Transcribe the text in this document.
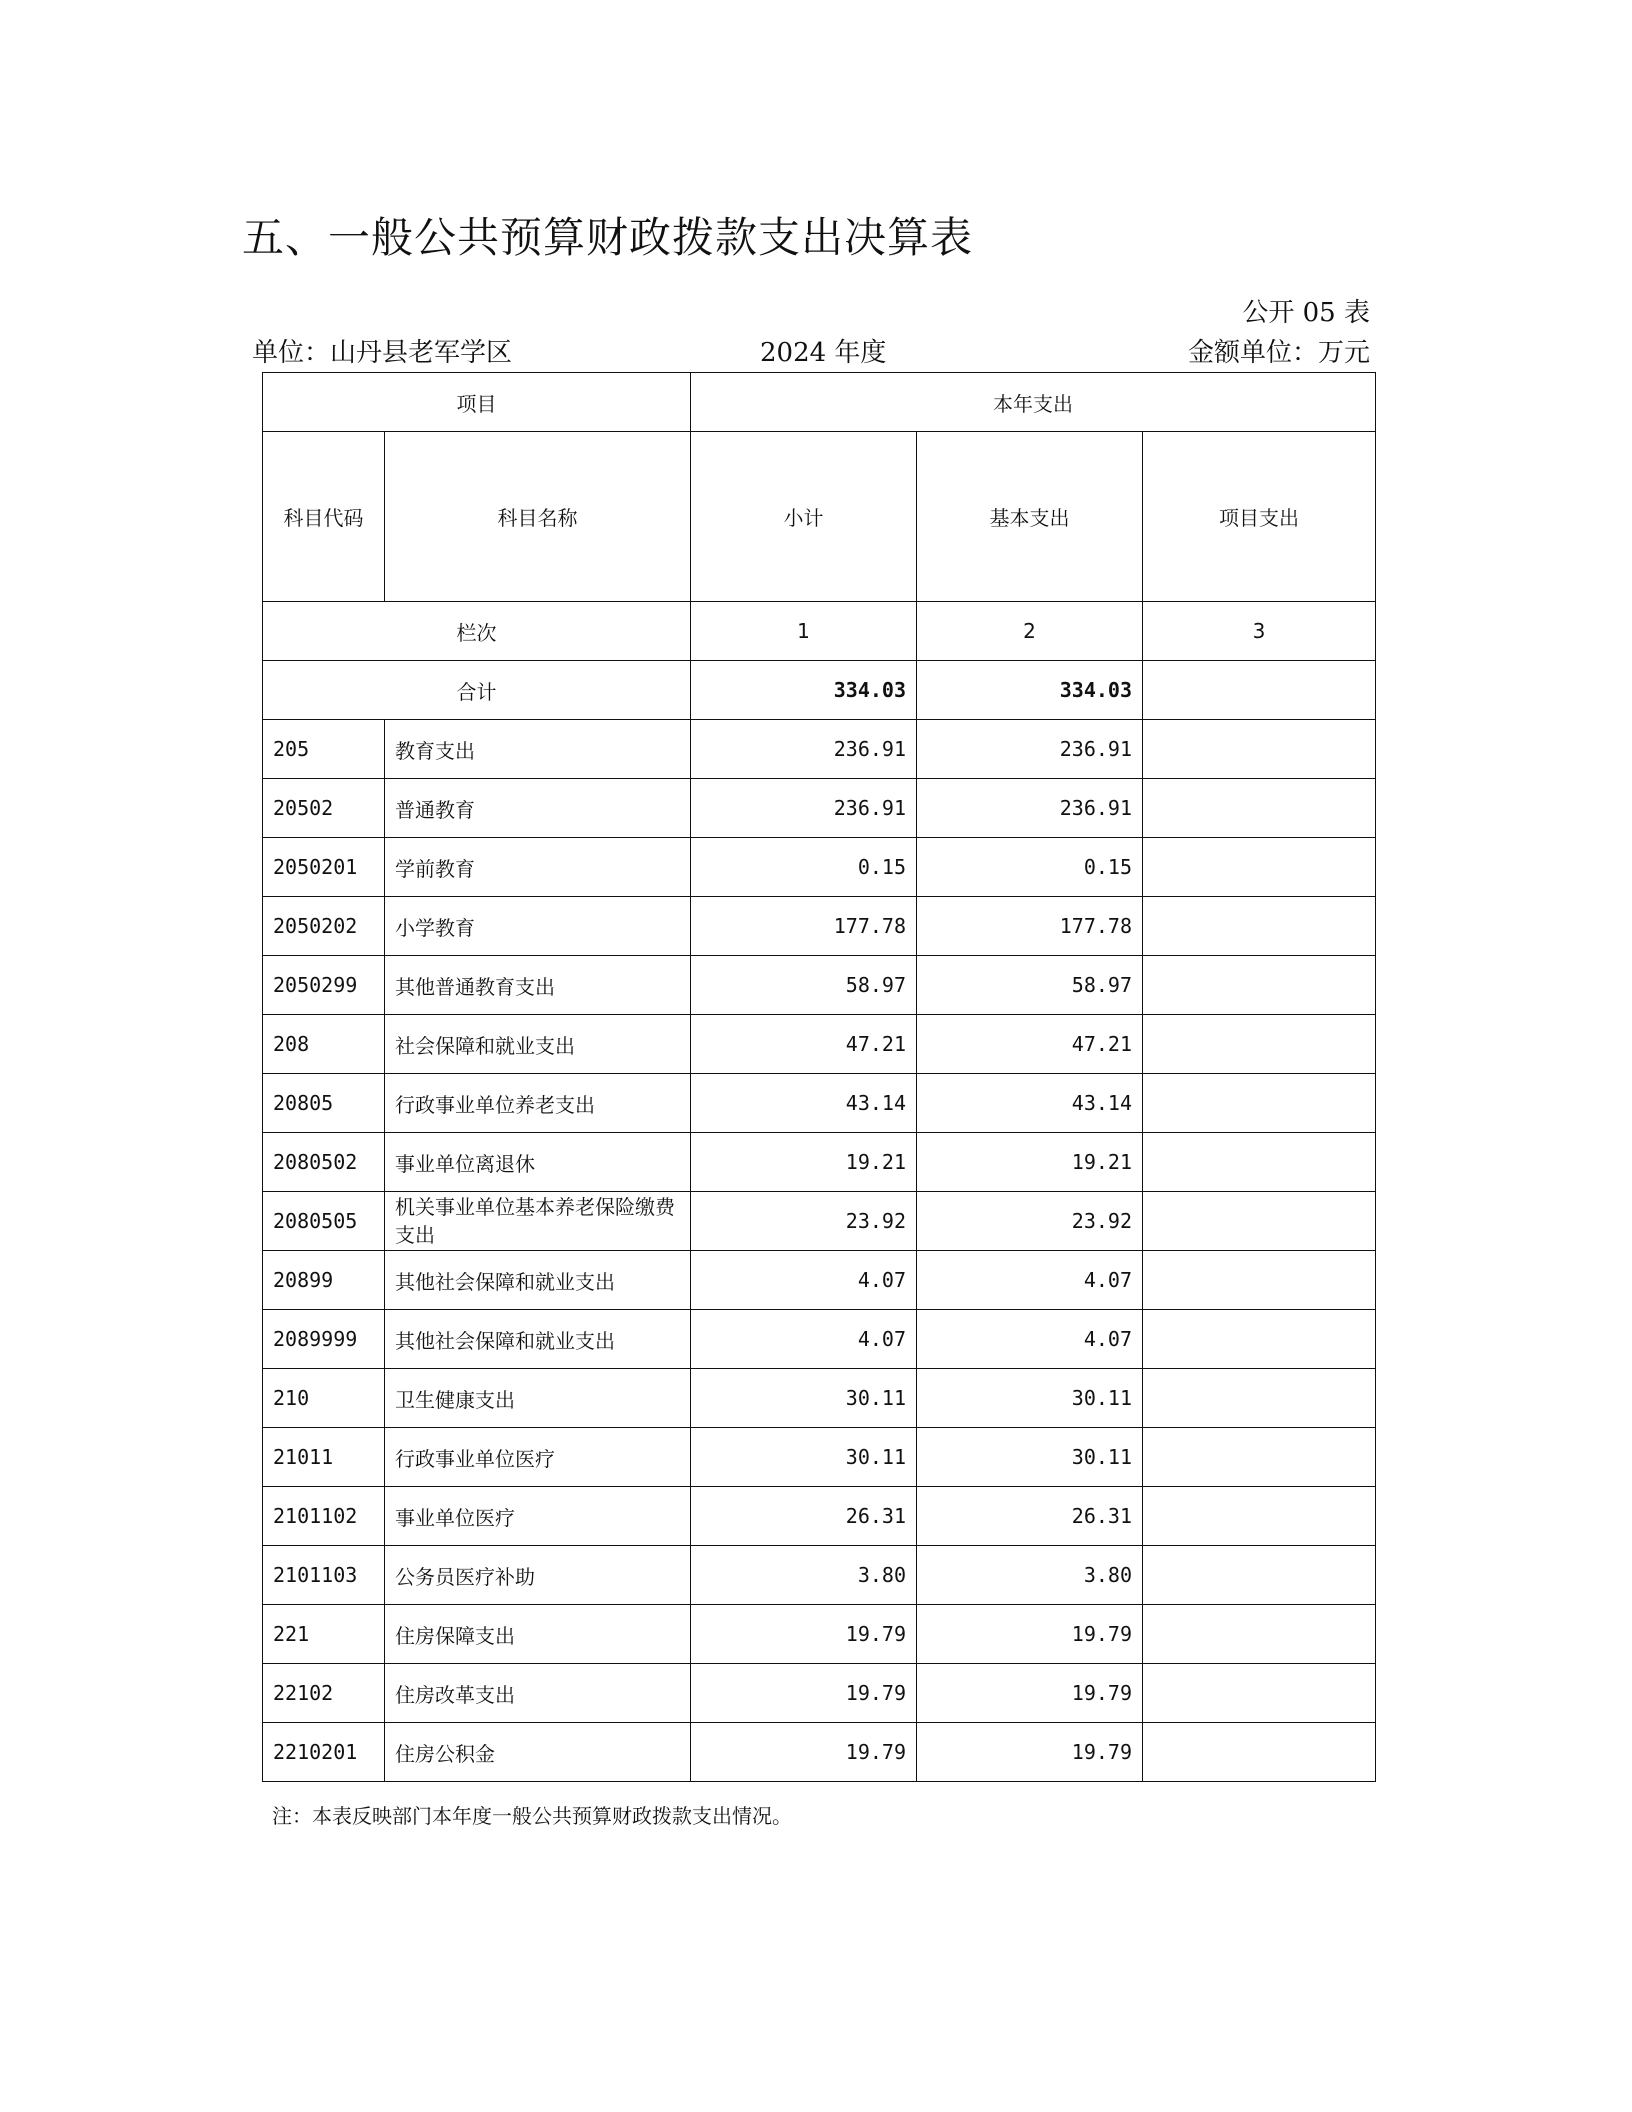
五、一般公共预算财政拨款支出决算表
公开 05 表
单位：山丹县老军学区	2024 年度	金额单位：万元
项目		本年支出		
科目代码	科目名称	小计	基本支出	项目支出
栏次		1	2	3
合计		334.03	334.03	
205	教育支出	236.91	236.91	
20502	普通教育	236.91	236.91	
2050201	学前教育	0.15	0.15	
2050202	小学教育	177.78	177.78	
2050299	其他普通教育支出	58.97	58.97	
208	社会保障和就业支出	47.21	47.21	
20805	行政事业单位养老支出	43.14	43.14	
2080502	事业单位离退休	19.21	19.21	
2080505	机关事业单位基本养老保险缴费支出	23.92	23.92	
20899	其他社会保障和就业支出	4.07	4.07	
2089999	其他社会保障和就业支出	4.07	4.07	
210	卫生健康支出	30.11	30.11	
21011	行政事业单位医疗	30.11	30.11	
2101102	事业单位医疗	26.31	26.31	
2101103	公务员医疗补助	3.80	3.80	
221	住房保障支出	19.79	19.79	
22102	住房改革支出	19.79	19.79	
2210201	住房公积金	19.79	19.79	
注：本表反映部门本年度一般公共预算财政拨款支出情况。
